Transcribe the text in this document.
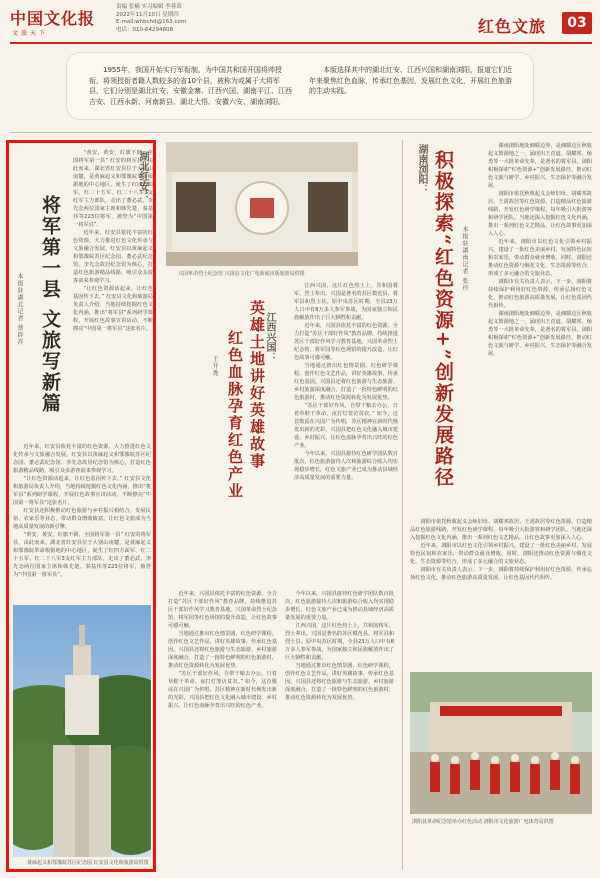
中国文化报
文旅天下
责编 张楠 实习编辑 李蓉茵
2022年11月10日 星期四
E-mail:whbchd@163.com
电话：010-64294608	红色文旅	03

1955年，我国开始实行军衔制，为中国共和国开国将帅授衔，将领授衔者籍人数较多的省10个县，被称为或属于大将军县，它们分别是湖北红安、安徽金寨、江西兴国、湖南平江、江西吉安、江西永新、河南新县、湖北大悟、安徽六安、湖南浏阳。

本版选择其中的湖北红安、江西兴国和湖南浏阳，报道它们近年来聚焦红色血脉，传承红色基因，发展红色文化，开展红色旅游的生动实践。

湖北红安：
将军第一县 文旅写新篇
本报驻湖北记者 蔡辟祥

“黄安，黄安，红旗不倒。全国将军第一县” 红安的将军县，由此而来。湖北省红安县位于大别山南麓，是黄麻起义和鄂豫皖革命根据地的中心地区，诞生了红四方面军、红二十五军、红二十八军3支红军主力部队，走出了董必武、李先念两位国家主席和韩先楚、秦基伟等223位将军，被誉为“中国第一将军县”。

近年来，红安县依托丰富的红色资源，大力推进红色文化传承与文旅融合发展。红安县以黄麻起义和鄂豫皖苏区纪念园、董必武纪念馆、李先念故居纪念馆为核心，打造红色旅游精品线路，吸引众多游客前来参观学习。

“让红色资源活起来，让红色基因传下去。” 红安县文化和旅游局负责人介绍，当地持续挖掘红色文化内涵，推出“将军县”系列研学课程，开展红色故事宣讲活动，不断擦亮“中国第一将军县”这张名片。

近年来，红安县依托丰富的红色资源，大力推进红色文化传承与文旅融合发展。红安县以黄麻起义和鄂豫皖苏区纪念园、董必武纪念馆、李先念故居纪念馆为核心，打造红色旅游精品线路，吸引众多游客前来参观学习。

“让红色资源活起来，让红色基因传下去。” 红安县文化和旅游局负责人介绍，当地持续挖掘红色文化内涵，推出“将军县”系列研学课程，开展红色故事宣讲活动，不断擦亮“中国第一将军县”这张名片。

红安县还积极推动红色旅游与乡村振兴相结合，发展民宿、农家乐等业态，带动群众增收致富，让红色文旅成为当地高质量发展的新引擎。

“黄安，黄安，红旗不倒。全国将军第一县” 红安的将军县，由此而来。湖北省红安县位于大别山南麓，是黄麻起义和鄂豫皖革命根据地的中心地区，诞生了红四方面军、红二十五军、红二十八军3支红军主力部队，走出了董必武、李先念两位国家主席和韩先楚、秦基伟等223位将军，被誉为“中国第一将军县”。

黄麻起义和鄂豫皖苏区纪念园 红安县文化和旅游局供图
兴国革命烈士纪念馆 兴国县文化广电新闻出版旅游局供图
江西兴国：
英雄土地讲好英雄故事
红色血脉孕育红色产业
王开秀

江西兴国，这片红色热土上，共和国将军、烈士辈出。兴国是著名的苏区模范县、将军县和烈士县。原中央苏区时期，全县23万人口中有8万多人参军参战，为国家独立和民族解放作出了巨大牺牲和贡献。

近年来，兴国县依托丰富的红色资源，全力打造“苏区干部好作风”教育品牌，持续推进苏区干部好作风学习教育基地、兴国革命烈士纪念馆、将军园等红色场馆的提升改造，让红色故事可感可触。

当地通过推出红色情景剧、红色研学课程，创作红色文艺作品，讲好英雄故事，传承红色基因。兴国县还将红色旅游与生态旅游、乡村旅游深度融合，打造了一批特色鲜明的红色旅游村，推动红色资源转化为发展优势。

“苏区干部好作风，自带干粮去办公，日着草鞋干革命，夜打灯笼访贫农。” 如今，这首歌谣在兴国广为传唱，苏区精神在新时代焕发出新的光彩。兴国县把红色文化融入城市建设、乡村振兴，让红色血脉孕育出兴旺的红色产业。

今年以来，兴国县接待红色研学团队数百批次，红色旅游接待人次和旅游综合收入均实现稳步增长，红色文旅产业已成为推动县域经济高质量发展的重要力量。

近年来，兴国县依托丰富的红色资源，全力打造“苏区干部好作风”教育品牌，持续推进苏区干部好作风学习教育基地、兴国革命烈士纪念馆、将军园等红色场馆的提升改造，让红色故事可感可触。

当地通过推出红色情景剧、红色研学课程，创作红色文艺作品，讲好英雄故事，传承红色基因。兴国县还将红色旅游与生态旅游、乡村旅游深度融合，打造了一批特色鲜明的红色旅游村，推动红色资源转化为发展优势。

“苏区干部好作风，自带干粮去办公，日着草鞋干革命，夜打灯笼访贫农。” 如今，这首歌谣在兴国广为传唱，苏区精神在新时代焕发出新的光彩。兴国县把红色文化融入城市建设、乡村振兴，让红色血脉孕育出兴旺的红色产业。

今年以来，兴国县接待红色研学团队数百批次，红色旅游接待人次和旅游综合收入均实现稳步增长，红色文旅产业已成为推动县域经济高质量发展的重要力量。

江西兴国，这片红色热土上，共和国将军、烈士辈出。兴国是著名的苏区模范县、将军县和烈士县。原中央苏区时期，全县23万人口中有8万多人参军参战，为国家独立和民族解放作出了巨大牺牲和贡献。

当地通过推出红色情景剧、红色研学课程，创作红色文艺作品，讲好英雄故事，传承红色基因。兴国县还将红色旅游与生态旅游、乡村旅游深度融合，打造了一批特色鲜明的红色旅游村，推动红色资源转化为发展优势。

湖南浏阳： 积极探索“红色资源+”创新发展路径	本报驻湖南记者 张玲

湖南浏阳地处湘赣边界，是湘赣边区秋收起义策源地之一，涌现出王首道、胡耀邦、杨勇等一大批革命先辈，是著名的将军县。浏阳积极探索“红色资源+”创新发展路径，推动红色文旅与研学、乡村振兴、生态保护等融合发展。

浏阳市依托秋收起义会师旧址、胡耀邦故居、王震故居等红色资源，打造精品红色旅游线路，开发红色研学课程，每年吸引大批游客和研学团队。当地还深入挖掘红色文化内涵，推出一系列红色文艺精品，让红色故事更加深入人心。

近年来，浏阳市以红色文化引领乡村振兴，建设了一批红色美丽乡村，发展特色民宿和农家乐，带动群众就业增收。同时，浏阳还推动红色资源与烟花文化、生态资源等结合，形成了多元融合的文旅业态。

浏阳市有关负责人表示，下一步，浏阳将持续保护利用好红色资源，传承弘扬红色文化，推动红色旅游高质量发展，让红色基因代代相传。

湖南浏阳地处湘赣边界，是湘赣边区秋收起义策源地之一，涌现出王首道、胡耀邦、杨勇等一大批革命先辈，是著名的将军县。浏阳积极探索“红色资源+”创新发展路径，推动红色文旅与研学、乡村振兴、生态保护等融合发展。

浏阳市依托秋收起义会师旧址、胡耀邦故居、王震故居等红色资源，打造精品红色旅游线路，开发红色研学课程，每年吸引大批游客和研学团队。当地还深入挖掘红色文化内涵，推出一系列红色文艺精品，让红色故事更加深入人心。

近年来，浏阳市以红色文化引领乡村振兴，建设了一批红色美丽乡村，发展特色民宿和农家乐，带动群众就业增收。同时，浏阳还推动红色资源与烟花文化、生态资源等结合，形成了多元融合的文旅业态。

浏阳市有关负责人表示，下一步，浏阳将持续保护利用好红色资源，传承弘扬红色文化，推动红色旅游高质量发展，让红色基因代代相传。

浏阳县革命纪念馆举办红色活动 浏阳市文化旅游广电体育局供图
